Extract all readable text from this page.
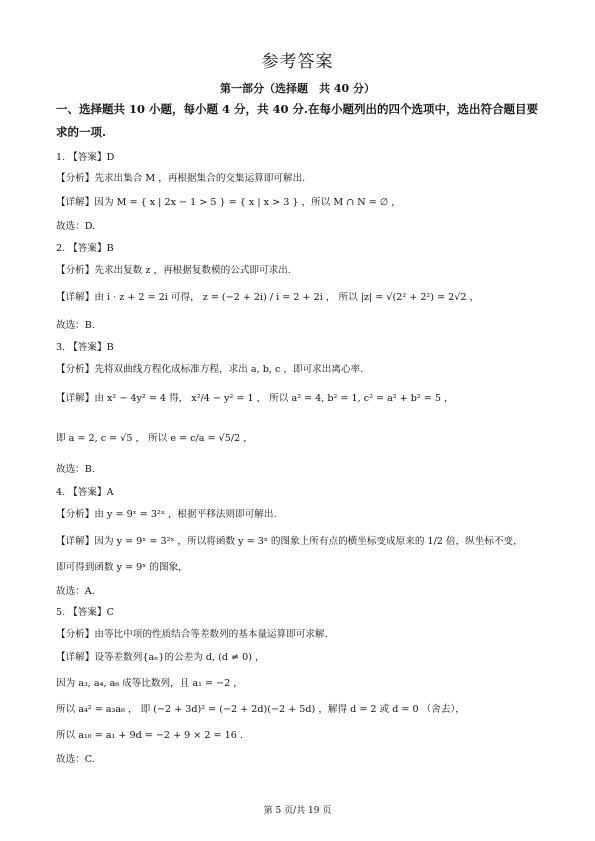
参考答案
第一部分（选择题　共 40 分）
一、选择题共 10 小题，每小题 4 分，共 40 分.在每小题列出的四个选项中，选出符合题目要
求的一项.
1. 【答案】D
【分析】先求出集合 M ，再根据集合的交集运算即可解出.
【详解】因为 M = { x | 2x − 1 > 5 } = { x | x > 3 } ，所以 M ∩ N = ∅ ，
故选：D.
2. 【答案】B
【分析】先求出复数 z ，再根据复数模的公式即可求出.
【详解】由 i · z + 2 = 2i 可得， z = (−2 + 2i) / i = 2 + 2i ， 所以 |z| = √(2² + 2²) = 2√2 ，
故选：B.
3. 【答案】B
【分析】先将双曲线方程化成标准方程，求出 a, b, c ，即可求出离心率.
【详解】由 x² − 4y² = 4 得， x²/4 − y² = 1 ， 所以 a² = 4, b² = 1, c² = a² + b² = 5 ，
即 a = 2, c = √5 ， 所以 e = c/a = √5/2 ，
故选：B.
4. 【答案】A
【分析】由 y = 9ˣ = 3²ˣ ，根据平移法则即可解出.
【详解】因为 y = 9ˣ = 3²ˣ ，所以将函数 y = 3ˣ 的图象上所有点的横坐标变成原来的 1/2 倍，纵坐标不变，
即可得到函数 y = 9ˣ 的图象，
故选：A.
5. 【答案】C
【分析】由等比中项的性质结合等差数列的基本量运算即可求解.
【详解】设等差数列{aₙ}的公差为 d, (d ≠ 0) ，
因为 a₃, a₄, a₆ 成等比数列，且 a₁ = −2 ，
所以 a₄² = a₃a₆ ， 即 (−2 + 3d)² = (−2 + 2d)(−2 + 5d) ，解得 d = 2 或 d = 0 （舍去），
所以 a₁₀ = a₁ + 9d = −2 + 9 × 2 = 16 .
故选：C.
第 5 页/共 19 页
